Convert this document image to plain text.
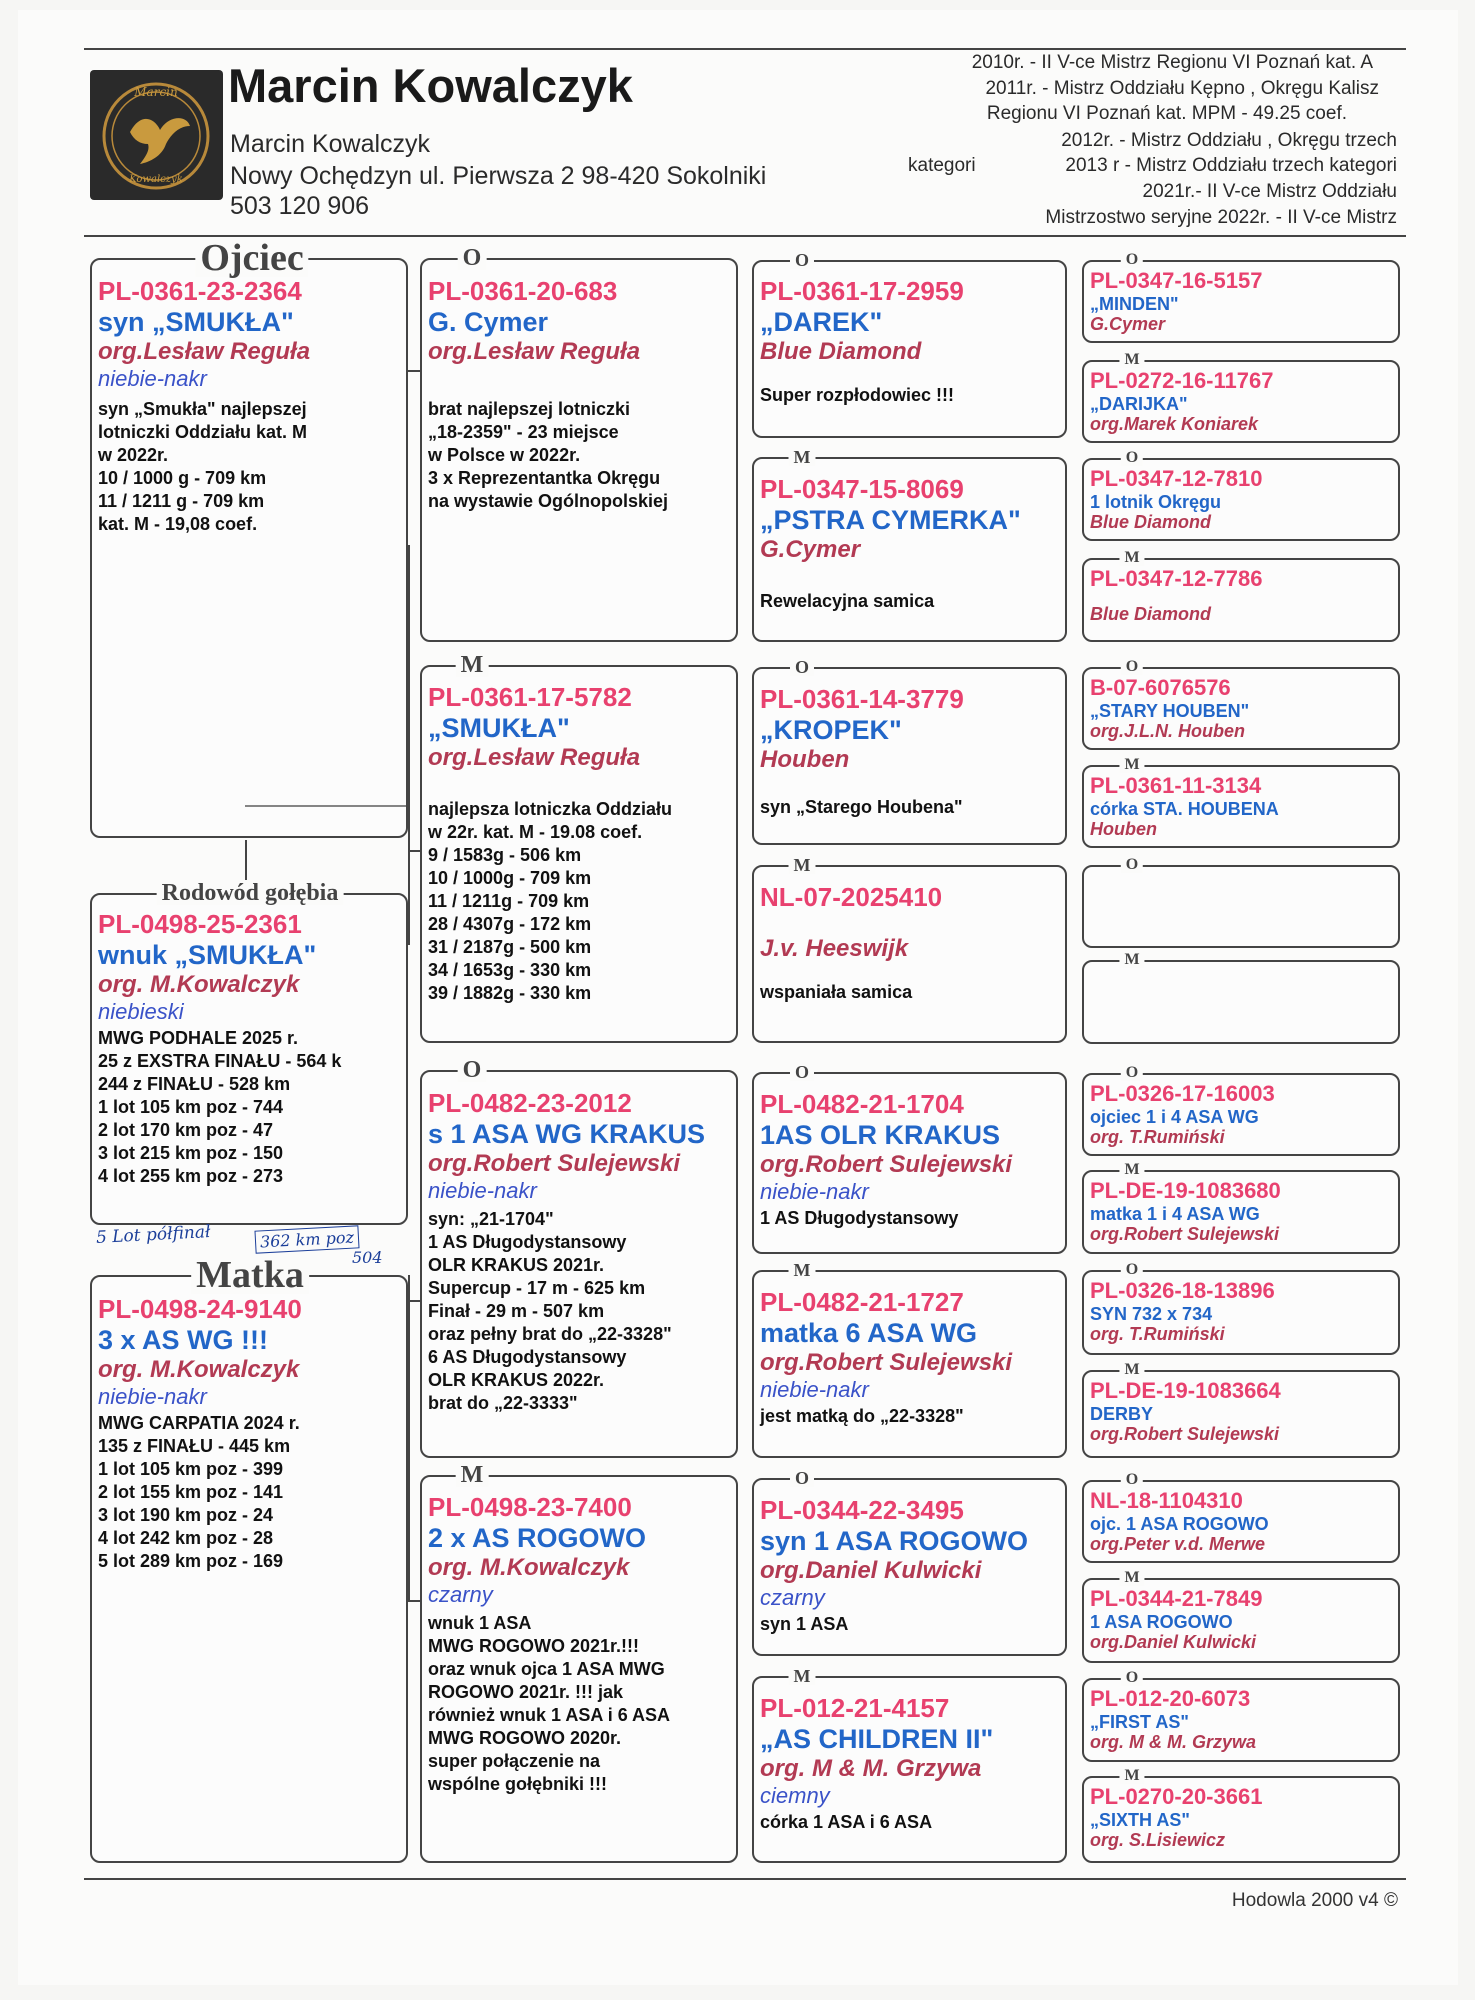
Marcin
Kowalczyk
Marcin Kowalczyk
Marcin Kowalczyk
Nowy Ochędzyn ul. Pierwsza 2 98-420 Sokolniki
503 120 906
2010r. - II V-ce Mistrz Regionu VI Poznań kat. A
2011r. - Mistrz Oddziału Kępno , Okręgu Kalisz
Regionu VI Poznań kat. MPM - 49.25 coef.
2012r. - Mistrz Oddziału , Okręgu trzech
kategori	2013 r - Mistrz Oddziału trzech kategori
2021r.- II V-ce Mistrz Oddziału
Mistrzostwo seryjne 2022r. - II V-ce Mistrz
Ojciec
PL-0361-23-2364
syn „SMUKŁA"
org.Lesław Reguła
niebie-nakr
syn „Smukła" najlepszej
lotniczki Oddziału kat. M
w 2022r.
10 / 1000 g - 709 km
11 / 1211 g - 709 km
kat. M - 19,08 coef.
Rodowód gołębia
PL-0498-25-2361
wnuk „SMUKŁA"
org. M.Kowalczyk
niebieski
MWG PODHALE 2025 r.
25 z EXSTRA FINAŁU - 564 k
244 z FINAŁU - 528 km
1 lot 105 km poz - 744
2 lot 170 km poz - 47
3 lot 215 km poz - 150
4 lot 255 km poz - 273
5 Lot półfinał	362 km poz
504
Matka
PL-0498-24-9140
3 x AS WG !!!
org. M.Kowalczyk
niebie-nakr
MWG CARPATIA 2024 r.
135 z FINAŁU - 445 km
1 lot 105 km poz - 399
2 lot 155 km poz - 141
3 lot 190 km poz - 24
4 lot 242 km poz - 28
5 lot 289 km poz - 169
O
PL-0361-20-683
G. Cymer
org.Lesław Reguła
brat najlepszej lotniczki
„18-2359" - 23 miejsce
w Polsce w 2022r.
3 x Reprezentantka Okręgu
na wystawie Ogólnopolskiej
M
PL-0361-17-5782
„SMUKŁA"
org.Lesław Reguła
najlepsza lotniczka Oddziału
w 22r. kat. M - 19.08 coef.
9 / 1583g - 506 km
10 / 1000g - 709 km
11 / 1211g - 709 km
28 / 4307g - 172 km
31 / 2187g - 500 km
34 / 1653g - 330 km
39 / 1882g - 330 km
O
PL-0482-23-2012
s 1 ASA WG KRAKUS
org.Robert Sulejewski
niebie-nakr
syn: „21-1704"
1 AS Długodystansowy
OLR KRAKUS 2021r.
Supercup - 17 m - 625 km
Finał - 29 m - 507 km
oraz pełny brat do „22-3328"
6 AS Długodystansowy
OLR KRAKUS 2022r.
brat do „22-3333"
M
PL-0498-23-7400
2 x AS ROGOWO
org. M.Kowalczyk
czarny
wnuk 1 ASA
MWG ROGOWO 2021r.!!!
oraz wnuk ojca 1 ASA MWG
ROGOWO 2021r. !!! jak
również wnuk 1 ASA i 6 ASA
MWG ROGOWO 2020r.
super połączenie na
wspólne gołębniki !!!
O
PL-0361-17-2959
„DAREK"
Blue Diamond
Super rozpłodowiec !!!
M
PL-0347-15-8069
„PSTRA CYMERKA"
G.Cymer
Rewelacyjna samica
O
PL-0361-14-3779
„KROPEK"
Houben
syn „Starego Houbena"
M
NL-07-2025410
J.v. Heeswijk
wspaniała samica
O
PL-0482-21-1704
1AS OLR KRAKUS
org.Robert Sulejewski
niebie-nakr
1 AS Długodystansowy
M
PL-0482-21-1727
matka 6 ASA WG
org.Robert Sulejewski
niebie-nakr
jest matką do „22-3328"
O
PL-0344-22-3495
syn 1 ASA ROGOWO
org.Daniel Kulwicki
czarny
syn 1 ASA
M
PL-012-21-4157
„AS CHILDREN II"
org. M & M. Grzywa
ciemny
córka 1 ASA i 6 ASA
O
PL-0347-16-5157
„MINDEN"
G.Cymer
M
PL-0272-16-11767
„DARIJKA"
org.Marek Koniarek
O
PL-0347-12-7810
1 lotnik Okręgu
Blue Diamond
M
PL-0347-12-7786
Blue Diamond
O
B-07-6076576
„STARY HOUBEN"
org.J.L.N. Houben
M
PL-0361-11-3134
córka STA. HOUBENA
Houben
O
M
O
PL-0326-17-16003
ojciec 1 i 4 ASA WG
org. T.Rumiński
M
PL-DE-19-1083680
matka 1 i 4 ASA WG
org.Robert Sulejewski
O
PL-0326-18-13896
SYN 732 x 734
org. T.Rumiński
M
PL-DE-19-1083664
DERBY
org.Robert Sulejewski
O
NL-18-1104310
ojc. 1 ASA ROGOWO
org.Peter v.d. Merwe
M
PL-0344-21-7849
1 ASA ROGOWO
org.Daniel Kulwicki
O
PL-012-20-6073
„FIRST AS"
org. M & M. Grzywa
M
PL-0270-20-3661
„SIXTH AS"
org. S.Lisiewicz
Hodowla 2000 v4 ©
